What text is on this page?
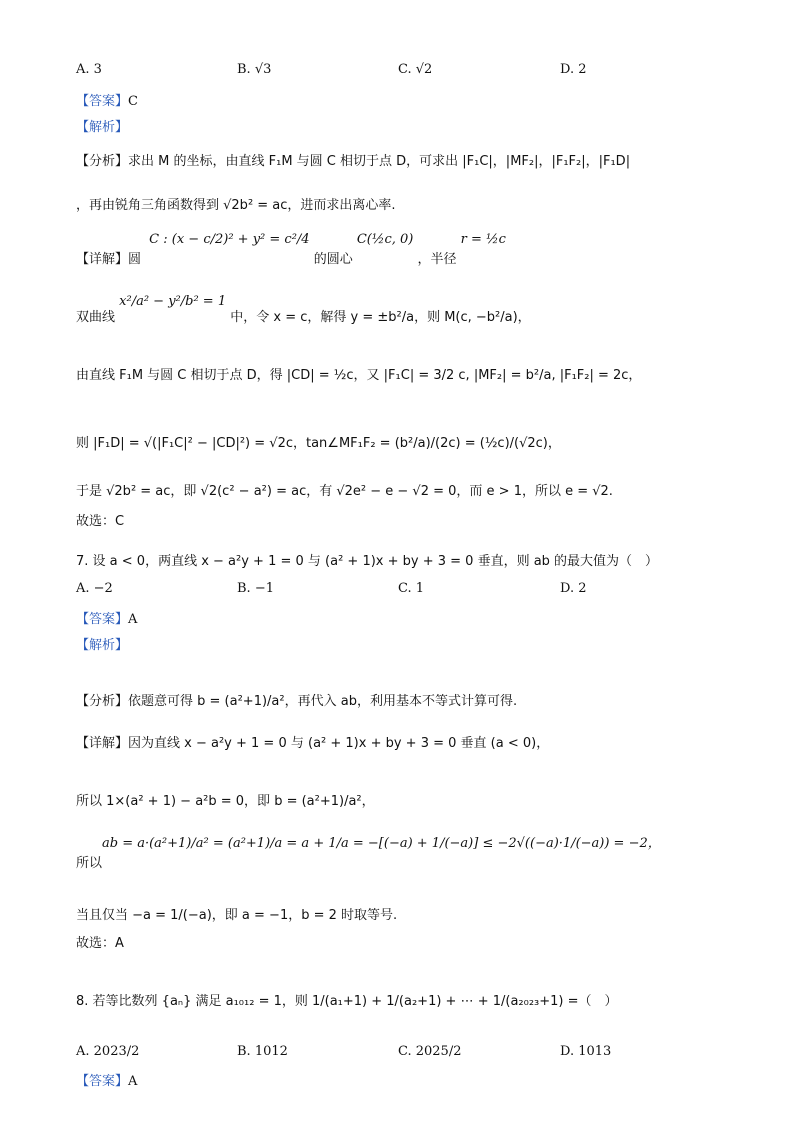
A. 3	B. √3	C. √2	D. 2
【答案】C
【解析】
【分析】求出 M 的坐标，由直线 F₁M 与圆 C 相切于点 D，可求出 |F₁C|，|MF₂|，|F₁F₂|，|F₁D|
，再由锐角三角函数得到 √2b² = ac，进而求出离心率.
【详解】圆 C : (x − c/2)² + y² = c²/4 的圆心 C(½c, 0) ，半径 r = ½c
双曲线 x²/a² − y²/b² = 1 中，令 x = c，解得 y = ±b²/a，则 M(c, −b²/a)，
由直线 F₁M 与圆 C 相切于点 D，得 |CD| = ½c，又 |F₁C| = 3/2 c, |MF₂| = b²/a, |F₁F₂| = 2c，
则 |F₁D| = √(|F₁C|² − |CD|²) = √2c，tan∠MF₁F₂ = (b²/a)/(2c) = (½c)/(√2c)，
于是 √2b² = ac，即 √2(c² − a²) = ac，有 √2e² − e − √2 = 0，而 e > 1，所以 e = √2.
故选：C
7. 设 a < 0，两直线 x − a²y + 1 = 0 与 (a² + 1)x + by + 3 = 0 垂直，则 ab 的最大值为（　）
A. −2	B. −1	C. 1	D. 2
【答案】A
【解析】
【分析】依题意可得 b = (a²+1)/a²，再代入 ab，利用基本不等式计算可得.
【详解】因为直线 x − a²y + 1 = 0 与 (a² + 1)x + by + 3 = 0 垂直 (a < 0)，
所以 1×(a² + 1) − a²b = 0，即 b = (a²+1)/a²，
ab = a·(a²+1)/a² = (a²+1)/a = a + 1/a = −[(−a) + 1/(−a)] ≤ −2√((−a)·1/(−a)) = −2，
所以
当且仅当 −a = 1/(−a)，即 a = −1，b = 2 时取等号.
故选：A
8. 若等比数列 {aₙ} 满足 a₁₀₁₂ = 1，则 1/(a₁+1) + 1/(a₂+1) + ⋯ + 1/(a₂₀₂₃+1) =（　）
A. 2023/2	B. 1012	C. 2025/2	D. 1013
【答案】A
